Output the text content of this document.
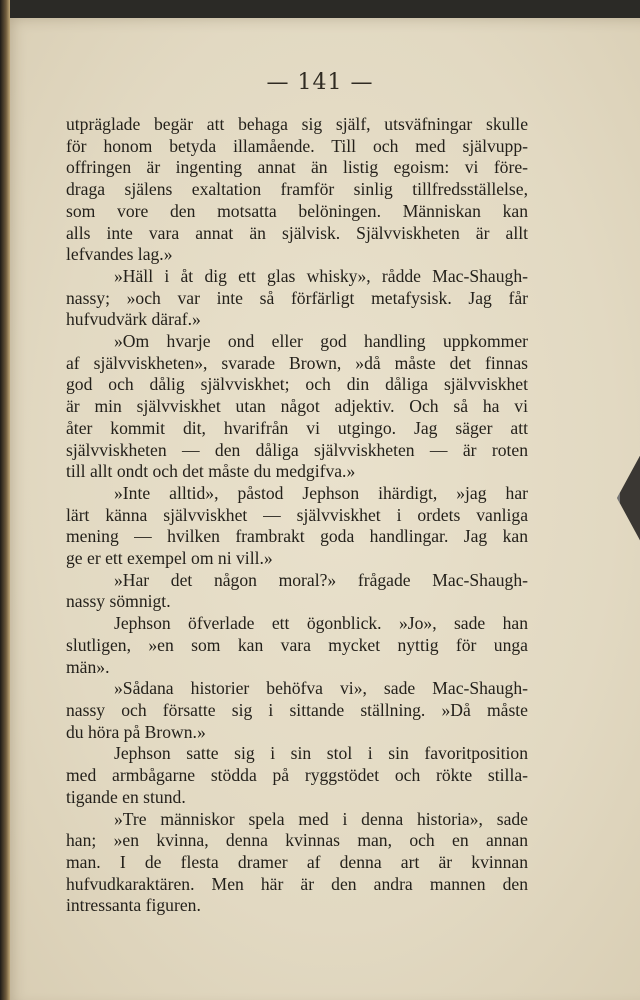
— 141 —
utpräglade begär att behaga sig själf, utsväfningar skulle
för honom betyda illamående. Till och med självupp-
offringen är ingenting annat än listig egoism: vi före-
draga själens exaltation framför sinlig tillfredsställelse,
som vore den motsatta belöningen. Människan kan
alls inte vara annat än självisk. Självviskheten är allt
lefvandes lag.»
»Häll i åt dig ett glas whisky», rådde Mac-Shaugh-
nassy; »och var inte så förfärligt metafysisk. Jag får
hufvudvärk däraf.»
»Om hvarje ond eller god handling uppkommer
af självviskheten», svarade Brown, »då måste det finnas
god och dålig självviskhet; och din dåliga självviskhet
är min självviskhet utan något adjektiv. Och så ha vi
åter kommit dit, hvarifrån vi utgingo. Jag säger att
självviskheten — den dåliga självviskheten — är roten
till allt ondt och det måste du medgifva.»
»Inte alltid», påstod Jephson ihärdigt, »jag har
lärt känna självviskhet — självviskhet i ordets vanliga
mening — hvilken frambrakt goda handlingar. Jag kan
ge er ett exempel om ni vill.»
»Har det någon moral?» frågade Mac-Shaugh-
nassy sömnigt.
Jephson öfverlade ett ögonblick. »Jo», sade han
slutligen, »en som kan vara mycket nyttig för unga
män».
»Sådana historier behöfva vi», sade Mac-Shaugh-
nassy och försatte sig i sittande ställning. »Då måste
du höra på Brown.»
Jephson satte sig i sin stol i sin favoritposition
med armbågarne stödda på ryggstödet och rökte stilla-
tigande en stund.
»Tre människor spela med i denna historia», sade
han; »en kvinna, denna kvinnas man, och en annan
man. I de flesta dramer af denna art är kvinnan
hufvudkaraktären. Men här är den andra mannen den
intressanta figuren.
